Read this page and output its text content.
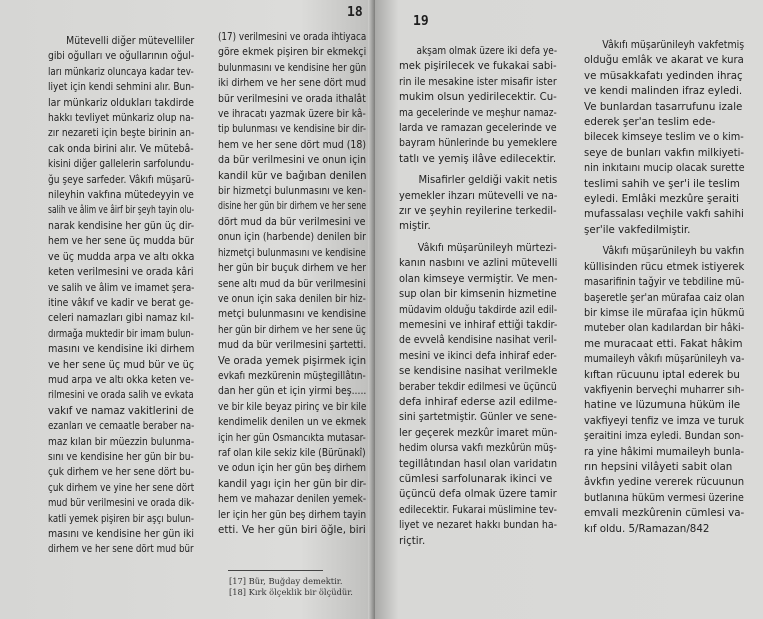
18
Mütevelli diğer mütevelliler
gibi oğulları ve oğullarının oğul-
ları münkariz oluncaya kadar tev-
liyet için kendi sehmini alır. Bun-
lar münkariz oldukları takdirde
hakkı tevliyet münkariz olup na-
zır nezareti için beşte birinin an-
cak onda birini alır. Ve mütebâ-
kisini diğer gallelerin sarfolundu-
ğu şeye sarfeder. Vâkıfı müşarü-
nileyhin vakfına mütedeyyin ve
salih ve âlim ve âirf bir şeyh tayin olu-
narak kendisine her gün üç dir-
hem ve her sene üç mudda bür
ve üç mudda arpa ve altı okka
keten verilmesini ve orada kâri
ve salih ve âlim ve imamet şera-
itine vâkıf ve kadir ve berat ge-
celeri namazları gibi namaz kıl-
dırmağa muktedir bir imam bulun-
masını ve kendisine iki dirhem
ve her sene üç mud bür ve üç
mud arpa ve altı okka keten ve-
rilmesini ve orada salih ve evkata
vakıf ve namaz vakitlerini de
ezanları ve cemaatle beraber na-
maz kılan bir müezzin bulunma-
sını ve kendisine her gün bir bu-
çuk dirhem ve her sene dört bu-
çuk dirhem ve yine her sene dört
mud bür verilmesini ve orada dik-
katli yemek pişiren bir aşçı bulun-
masını ve kendisine her gün iki
dirhem ve her sene dört mud bür
(17) verilmesini ve orada ihtiyaca
göre ekmek pişiren bir ekmekçi
bulunmasını ve kendisine her gün
iki dirhem ve her sene dört mud
bür verilmesini ve orada ithalât
ve ihracatı yazmak üzere bir kâ-
tip bulunması ve kendisine bir dir-
hem ve her sene dört mud (18)
da bür verilmesini ve onun için
kandil kür ve bağıban denilen
bir hizmetçi bulunmasını ve ken-
disine her gün bir dirhem ve her sene
dört mud da bür verilmesini ve
onun için (harbende) denilen bir
hizmetçi bulunmasını ve kendisine
her gün bir buçuk dirhem ve her
sene altı mud da bür verilmesini
ve onun için saka denilen bir hiz-
metçi bulunmasını ve kendisine
her gün bir dirhem ve her sene üç
mud da bür verilmesini şartetti.
Ve orada yemek pişirmek için
evkafı mezkürenin müştegillâtın-
dan her gün et için yirmi beş.....
ve bir kile beyaz pirinç ve bir kile
kendimelik denilen un ve ekmek
için her gün Osmancıkta mutasar-
raf olan kile sekiz kile (Bürünakî)
ve odun için her gün beş dirhem
kandil yagı için her gün bir dir-
hem ve mahazar denilen yemek-
ler için her gün beş dirhem tayin
etti. Ve her gün biri öğle, biri
[17] Bür, Buğday demektir.
[18] Kırk ölçeklik bir ölçüdür.
19

akşam olmak üzere iki defa ye-
mek pişirilecek ve fukakai sabi-
rin ile mesakine ister misafir ister
mukim olsun yedirilecektir. Cu-
ma gecelerinde ve meşhur namaz-
larda ve ramazan gecelerinde ve
bayram hünlerinde bu yemeklere
tatlı ve yemiş ilâve edilecektir.

Misafirler geldiği vakit netis
yemekler ihzarı mütevelli ve na-
zır ve şeyhin reyilerine terkedil-
miştir.

Vâkıfı müşarünileyh mürtezi-
kanın nasbını ve azlini mütevelli
olan kimseye vermiştir. Ve men-
sup olan bir kimsenin hizmetine
müdavim olduğu takdirde azil edil-
memesini ve inhiraf ettiği takdir-
de evvelâ kendisine nasihat veril-
mesini ve ikinci defa inhiraf eder-
se kendisine nasihat verilmekle
beraber tekdir edilmesi ve üçüncü
defa inhiraf ederse azil edilme-
sini şartetmiştir. Günler ve sene-
ler geçerek mezkûr imaret mün-
hedim olursa vakfı mezkûrün müş-
tegillâtından hasıl olan varidatın
cümlesi sarfolunarak ikinci ve
üçüncü defa olmak üzere tamir
edilecektir. Fukarai müslimine tev-
liyet ve nezaret hakkı bundan ha-
riçtir.

Vâkıfı müşarünileyh vakfetmiş
olduğu emlâk ve akarat ve kura
ve müsakkafatı yedinden ihraç
ve kendi malinden ifraz eyledi.
Ve bunlardan tasarrufunu izale
ederek şer'an teslim ede-
bilecek kimseye teslim ve o kim-
seye de bunları vakfın milkiyeti-
nin inkıtaını mucip olacak surette
teslimi sahih ve şer'i ile teslim
eyledi. Emlâki mezkûre şeraiti
mufassalası veçhile vakfı sahihi
şer'ile vakfedilmiştir.

Vâkıfı müşarünileyh bu vakfın
küllisinden rücu etmek istiyerek
masarifinin tağyir ve tebdiline mü-
başeretle şer'an mürafaa caiz olan
bir kimse ile mürafaa için hükmü
muteber olan kadılardan bir hâki-
me muracaat etti. Fakat hâkim
mumaileyh vâkıfı müşarünileyh va-
kıftan rücuunu iptal ederek bu
vakfiyenin berveçhi muharrer sıh-
hatine ve lüzumuna hüküm ile
vakfiyeyi tenfiz ve imza ve turuk
şeraitini imza eyledi. Bundan son-
ra yine hâkimi mumaileyh bunla-
rın hepsini vilâyeti sabit olan
âvkfın yedine vererek rücuunun
butlanına hüküm vermesi üzerine
emvali mezkûrenin cümlesi va-
kıf oldu. 5/Ramazan/842
